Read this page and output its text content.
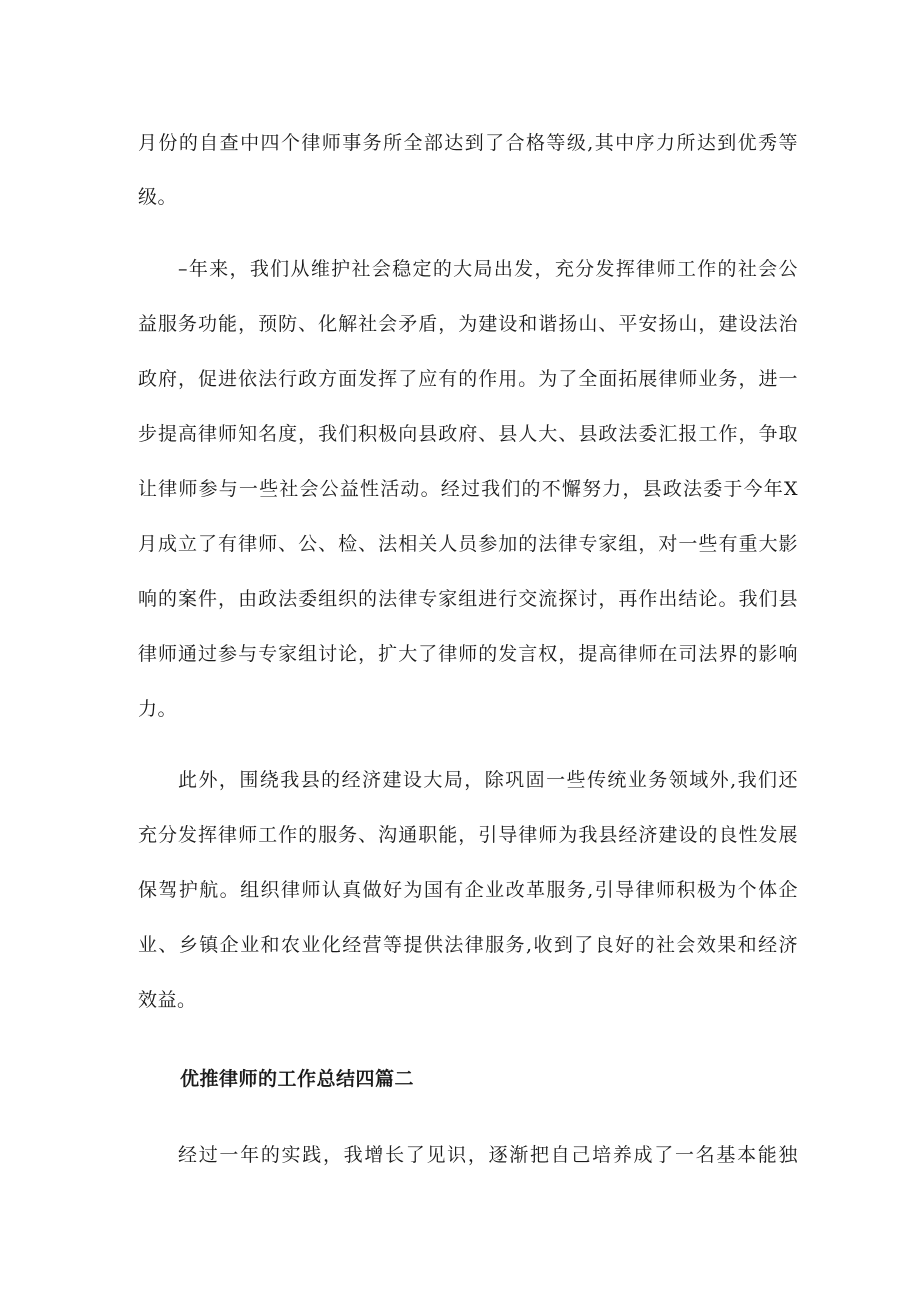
月份的自查中四个律师事务所全部达到了合格等级,其中序力所达到优秀等
级。
–年来，我们从维护社会稳定的大局出发，充分发挥律师工作的社会公
益服务功能，预防、化解社会矛盾，为建设和谐扬山、平安扬山，建设法治
政府，促进依法行政方面发挥了应有的作用。为了全面拓展律师业务，进一
步提高律师知名度，我们积极向县政府、县人大、县政法委汇报工作，争取
让律师参与一些社会公益性活动。经过我们的不懈努力，县政法委于今年X
月成立了有律师、公、检、法相关人员参加的法律专家组，对一些有重大影
响的案件，由政法委组织的法律专家组进行交流探讨，再作出结论。我们县
律师通过参与专家组讨论，扩大了律师的发言权，提高律师在司法界的影响
力。
此外，围绕我县的经济建设大局，除巩固一些传统业务领域外,我们还
充分发挥律师工作的服务、沟通职能，引导律师为我县经济建设的良性发展
保驾护航。组织律师认真做好为国有企业改革服务,引导律师积极为个体企
业、乡镇企业和农业化经营等提供法律服务,收到了良好的社会效果和经济
效益。
优推律师的工作总结四篇二
经过一年的实践，我增长了见识，逐渐把自己培养成了一名基本能独
